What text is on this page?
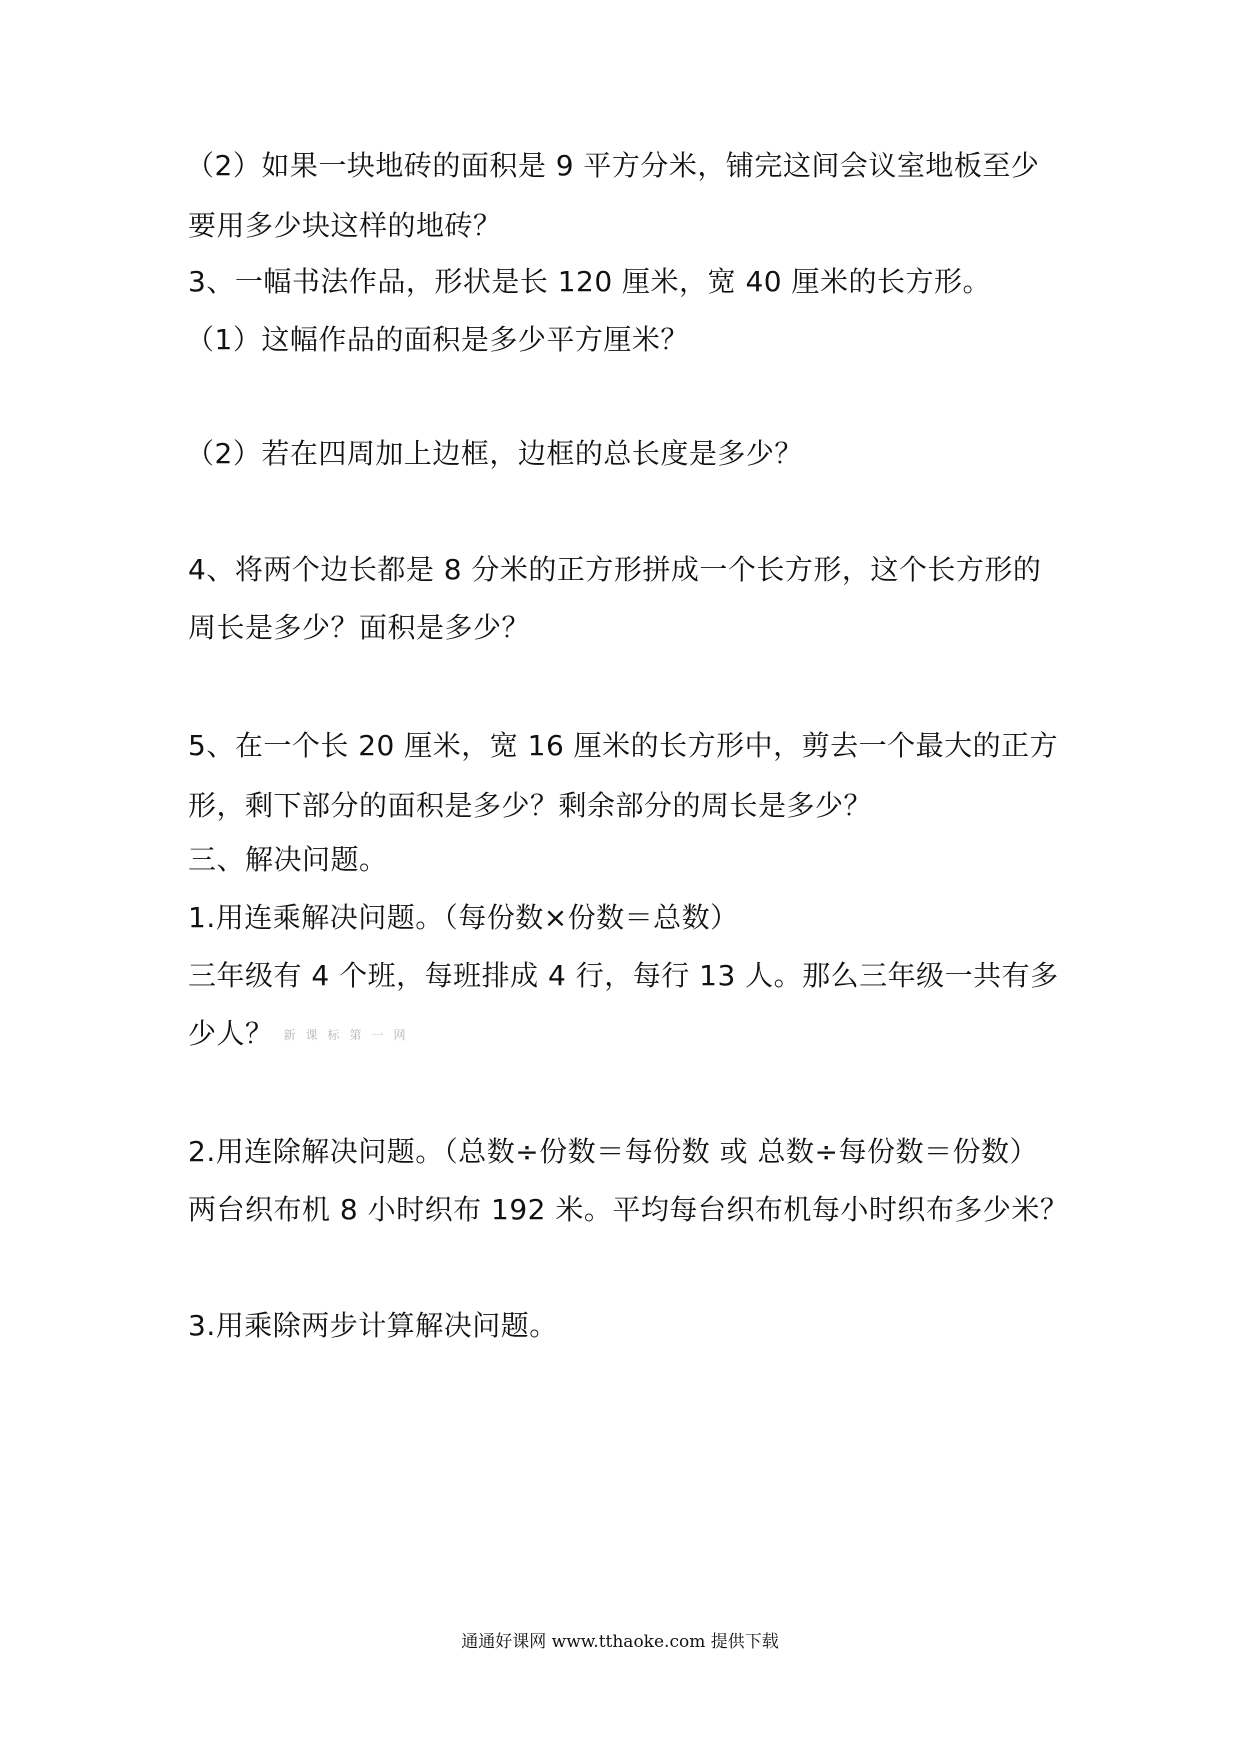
（2）如果一块地砖的面积是 9 平方分米，铺完这间会议室地板至少
要用多少块这样的地砖？
3、一幅书法作品，形状是长 120 厘米，宽 40 厘米的长方形。
（1）这幅作品的面积是多少平方厘米？
（2）若在四周加上边框，边框的总长度是多少？
4、将两个边长都是 8 分米的正方形拼成一个长方形，这个长方形的
周长是多少？面积是多少？
5、在一个长 20 厘米，宽 16 厘米的长方形中，剪去一个最大的正方
形，剩下部分的面积是多少？剩余部分的周长是多少？
三、解决问题。
1.用连乘解决问题。（每份数×份数＝总数）
三年级有 4 个班，每班排成 4 行，每行 13 人。那么三年级一共有多
少人？ 新课标第一网
2.用连除解决问题。（总数÷份数＝每份数 或 总数÷每份数＝份数）
两台织布机 8 小时织布 192 米。平均每台织布机每小时织布多少米？
3.用乘除两步计算解决问题。
通通好课网 www.tthaoke.com 提供下载
